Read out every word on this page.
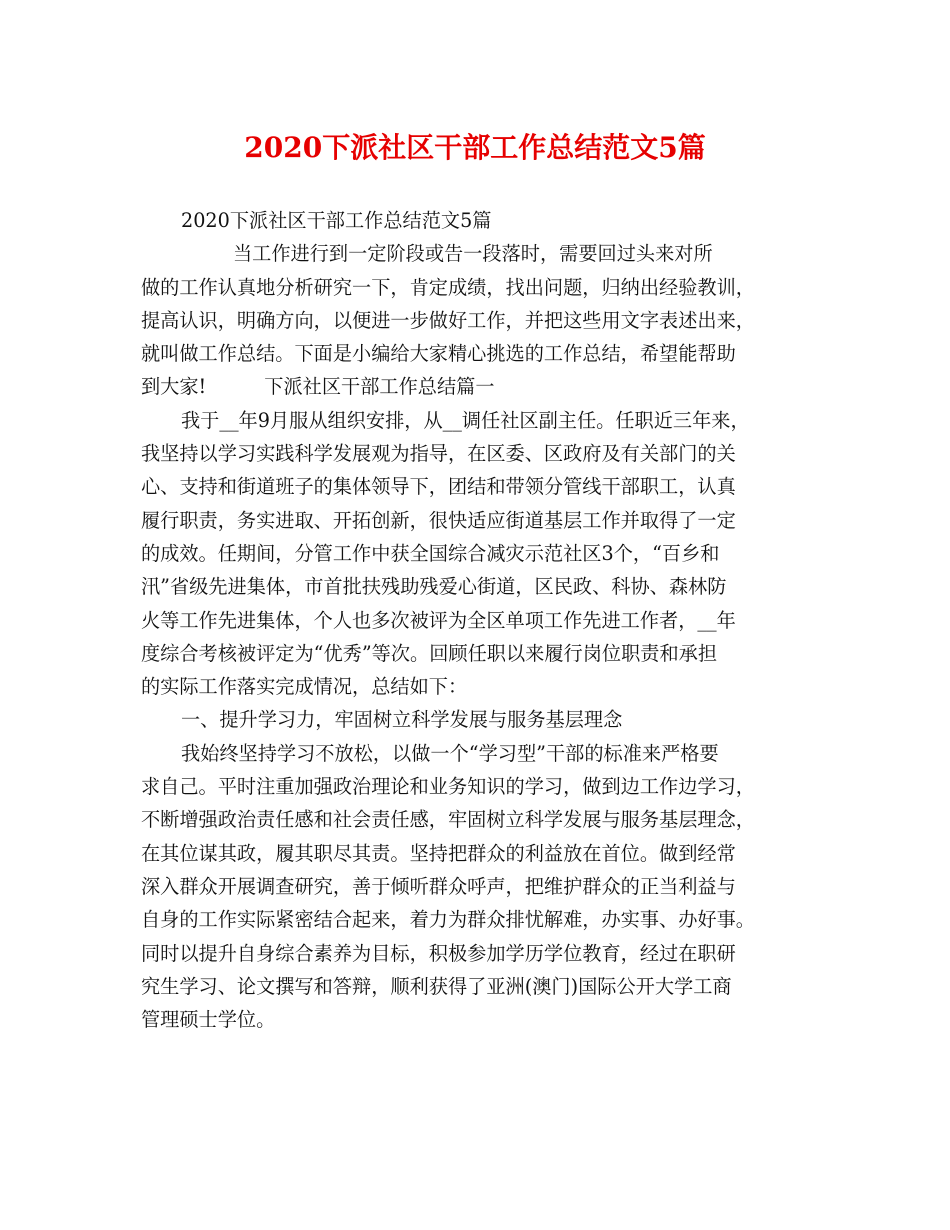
2020下派社区干部工作总结范文5篇
2020下派社区干部工作总结范文5篇
当工作进行到一定阶段或告一段落时，需要回过头来对所
做的工作认真地分析研究一下，肯定成绩，找出问题，归纳出经验教训，
提高认识，明确方向，以便进一步做好工作，并把这些用文字表述出来，
就叫做工作总结。下面是小编给大家精心挑选的工作总结，希望能帮助
到大家!	下派社区干部工作总结篇一
我于__年9月服从组织安排，从__调任社区副主任。任职近三年来，
我坚持以学习实践科学发展观为指导，在区委、区政府及有关部门的关
心、支持和街道班子的集体领导下，团结和带领分管线干部职工，认真
履行职责，务实进取、开拓创新，很快适应街道基层工作并取得了一定
的成效。任期间，分管工作中获全国综合减灾示范社区3个，“百乡和
汛”省级先进集体，市首批扶残助残爱心街道，区民政、科协、森林防
火等工作先进集体，个人也多次被评为全区单项工作先进工作者，__年
度综合考核被评定为“优秀”等次。回顾任职以来履行岗位职责和承担
的实际工作落实完成情况，总结如下：
一、提升学习力，牢固树立科学发展与服务基层理念
我始终坚持学习不放松，以做一个“学习型”干部的标准来严格要
求自己。平时注重加强政治理论和业务知识的学习，做到边工作边学习，
不断增强政治责任感和社会责任感，牢固树立科学发展与服务基层理念，
在其位谋其政，履其职尽其责。坚持把群众的利益放在首位。做到经常
深入群众开展调查研究，善于倾听群众呼声，把维护群众的正当利益与
自身的工作实际紧密结合起来，着力为群众排忧解难，办实事、办好事。
同时以提升自身综合素养为目标，积极参加学历学位教育，经过在职研
究生学习、论文撰写和答辩，顺利获得了亚洲(澳门)国际公开大学工商
管理硕士学位。
